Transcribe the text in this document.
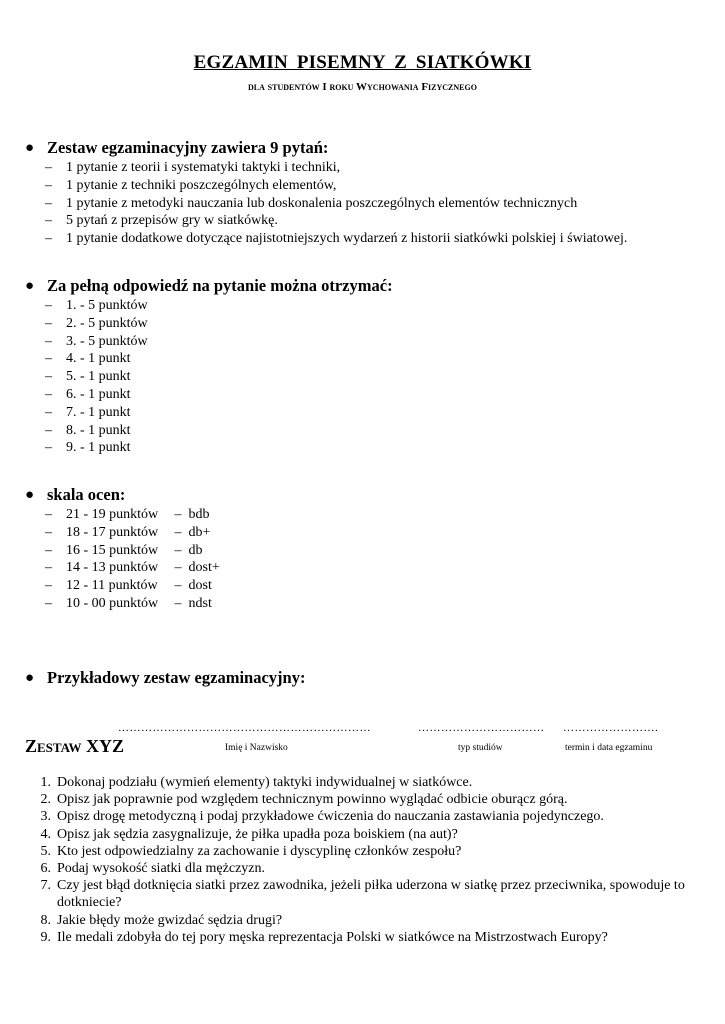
EGZAMIN PISEMNY Z SIATKÓWKI
dla studentów I roku Wychowania Fizycznego
● Zestaw egzaminacyjny zawiera 9 pytań:
–	1 pytanie z teorii i systematyki taktyki i techniki,
–	1 pytanie z techniki poszczególnych elementów,
–	1 pytanie z metodyki nauczania lub doskonalenia poszczególnych elementów technicznych
–	5 pytań z przepisów gry w siatkówkę.
–	1 pytanie dodatkowe dotyczące najistotniejszych wydarzeń z historii siatkówki polskiej i światowej.
● Za pełną odpowiedź na pytanie można otrzymać:
–	1. - 5 punktów
–	2. - 5 punktów
–	3. - 5 punktów
–	4. - 1 punkt
–	5. - 1 punkt
–	6. - 1 punkt
–	7. - 1 punkt
–	8. - 1 punkt
–	9. - 1 punkt
● skala ocen:
–	21 - 19 punktów – bdb
–	18 - 17 punktów – db+
–	16 - 15 punktów – db
–	14 - 13 punktów – dost+
–	12 - 11 punktów – dost
–	10 - 00 punktów – ndst
● Przykładowy zestaw egzaminacyjny:
…………………………………………………………	…………………………… …………………….
Zestaw XYZ	Imię i Nazwisko	typ studiów	termin i data egzaminu
1. Dokonaj podziału (wymień elementy) taktyki indywidualnej w siatkówce.
2. Opisz jak poprawnie pod względem technicznym powinno wyglądać odbicie oburącz górą.
3. Opisz drogę metodyczną i podaj przykładowe ćwiczenia do nauczania zastawiania pojedynczego.
4. Opisz jak sędzia zasygnalizuje, że piłka upadła poza boiskiem (na aut)?
5. Kto jest odpowiedzialny za zachowanie i dyscyplinę członków zespołu?
6. Podaj wysokość siatki dla mężczyzn.
7. Czy jest błąd dotknięcia siatki przez zawodnika, jeżeli piłka uderzona w siatkę przez przeciwnika, spowoduje to dotkniecie?
8. Jakie błędy może gwizdać sędzia drugi?
9. Ile medali zdobyła do tej pory męska reprezentacja Polski w siatkówce na Mistrzostwach Europy?
